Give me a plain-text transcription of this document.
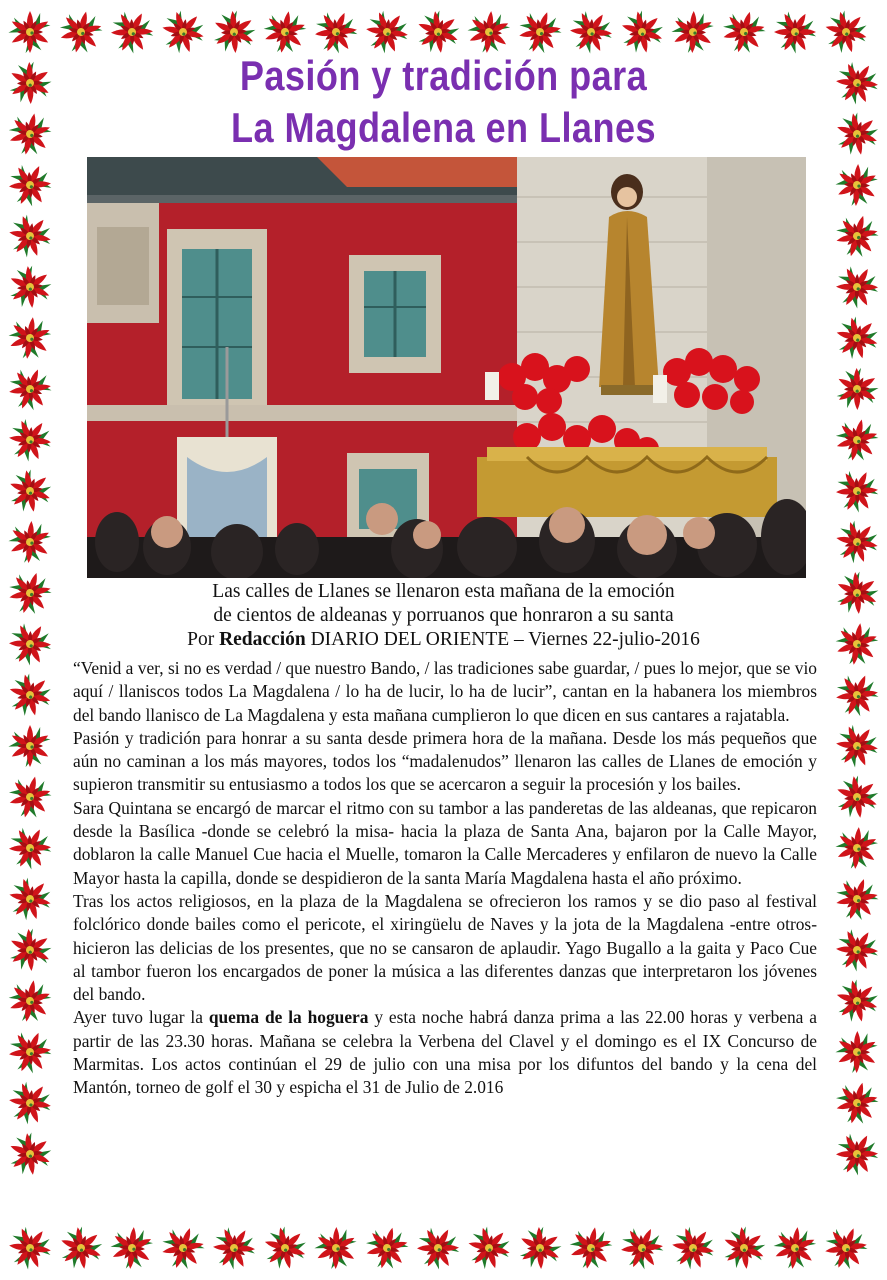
Pasión y tradición para
La Magdalena en Llanes
Las calles de Llanes se llenaron esta mañana de la emoción
de cientos de aldeanas y porruanos que honraron a su santa
Por Redacción DIARIO DEL ORIENTE – Viernes 22-julio-2016

“Venid a ver, si no es verdad / que nuestro Bando, / las tradiciones sabe guardar, / pues lo mejor, que se vio aquí / llaniscos todos La Magdalena / lo ha de lucir, lo ha de lucir”, cantan en la habanera los miembros del bando llanisco de La Magdalena y esta mañana cumplieron lo que dicen en sus cantares a rajatabla.

Pasión y tradición para honrar a su santa desde primera hora de la mañana. Desde los más pequeños que aún no caminan a los más mayores, todos los “madalenudos” llenaron las calles de Llanes de emoción y supieron transmitir su entusiasmo a todos los que se acercaron a seguir la procesión y los bailes.

Sara Quintana se encargó de marcar el ritmo con su tambor a las panderetas de las aldeanas, que repicaron desde la Basílica -donde se celebró la misa- hacia la plaza de Santa Ana, bajaron por la Calle Mayor, doblaron la calle Manuel Cue hacia el Muelle, tomaron la Calle Mercaderes y enfilaron de nuevo la Calle Mayor hasta la capilla, donde se despidieron de la santa María Magdalena hasta el año próximo.

Tras los actos religiosos, en la plaza de la Magdalena se ofrecieron los ramos y se dio paso al festival folclórico donde bailes como el pericote, el xiringüelu de Naves y la jota de la Magdalena -entre otros- hicieron las delicias de los presentes, que no se cansaron de aplaudir. Yago Bugallo a la gaita y Paco Cue al tambor fueron los encargados de poner la música a las diferentes danzas que interpretaron los jóvenes del bando.

Ayer tuvo lugar la quema de la hoguera y esta noche habrá danza prima a las 22.00 horas y verbena a partir de las 23.30 horas. Mañana se celebra la Verbena del Clavel y el domingo es el IX Concurso de Marmitas. Los actos continúan el 29 de julio con una misa por los difuntos del bando y la cena del Mantón, torneo de golf el 30 y espicha el 31 de Julio de 2.016
